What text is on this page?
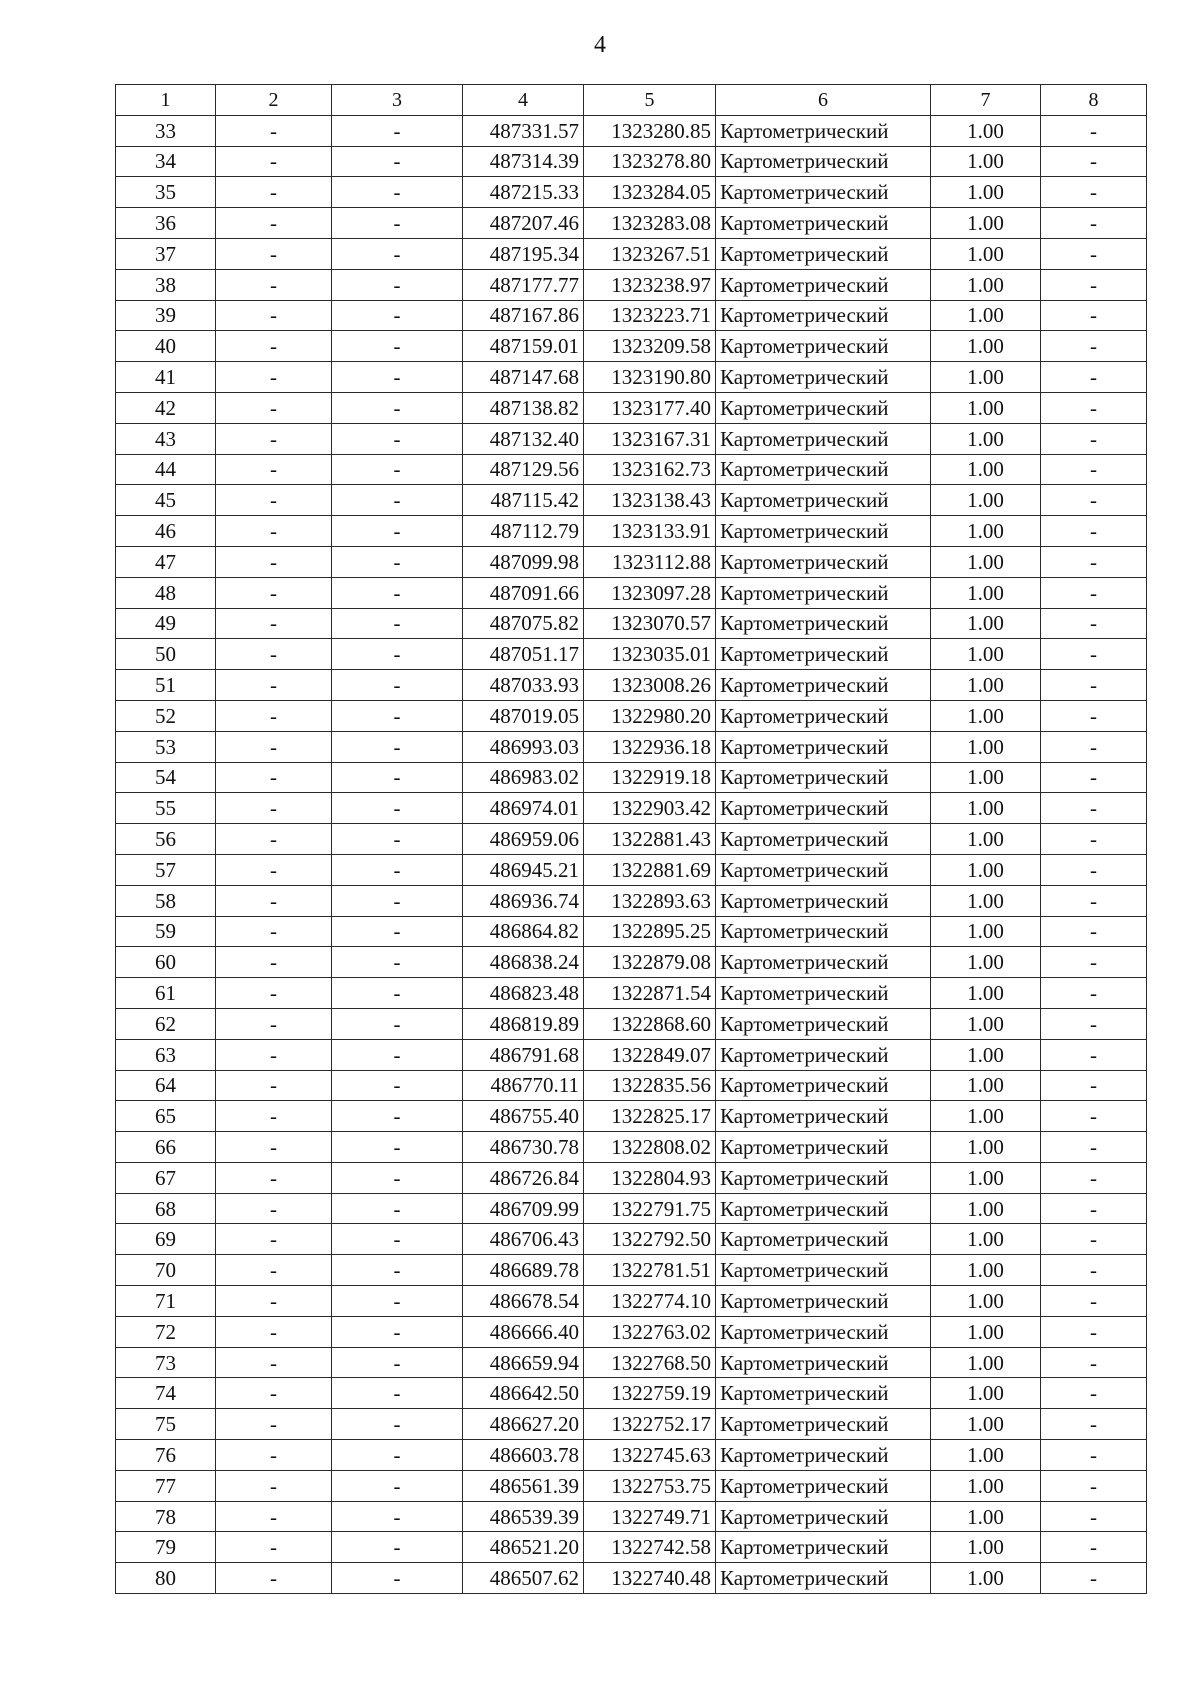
4
1	2	3	4	5	6	7	8
33	-	-	487331.57	1323280.85	Картометрический	1.00	-
34	-	-	487314.39	1323278.80	Картометрический	1.00	-
35	-	-	487215.33	1323284.05	Картометрический	1.00	-
36	-	-	487207.46	1323283.08	Картометрический	1.00	-
37	-	-	487195.34	1323267.51	Картометрический	1.00	-
38	-	-	487177.77	1323238.97	Картометрический	1.00	-
39	-	-	487167.86	1323223.71	Картометрический	1.00	-
40	-	-	487159.01	1323209.58	Картометрический	1.00	-
41	-	-	487147.68	1323190.80	Картометрический	1.00	-
42	-	-	487138.82	1323177.40	Картометрический	1.00	-
43	-	-	487132.40	1323167.31	Картометрический	1.00	-
44	-	-	487129.56	1323162.73	Картометрический	1.00	-
45	-	-	487115.42	1323138.43	Картометрический	1.00	-
46	-	-	487112.79	1323133.91	Картометрический	1.00	-
47	-	-	487099.98	1323112.88	Картометрический	1.00	-
48	-	-	487091.66	1323097.28	Картометрический	1.00	-
49	-	-	487075.82	1323070.57	Картометрический	1.00	-
50	-	-	487051.17	1323035.01	Картометрический	1.00	-
51	-	-	487033.93	1323008.26	Картометрический	1.00	-
52	-	-	487019.05	1322980.20	Картометрический	1.00	-
53	-	-	486993.03	1322936.18	Картометрический	1.00	-
54	-	-	486983.02	1322919.18	Картометрический	1.00	-
55	-	-	486974.01	1322903.42	Картометрический	1.00	-
56	-	-	486959.06	1322881.43	Картометрический	1.00	-
57	-	-	486945.21	1322881.69	Картометрический	1.00	-
58	-	-	486936.74	1322893.63	Картометрический	1.00	-
59	-	-	486864.82	1322895.25	Картометрический	1.00	-
60	-	-	486838.24	1322879.08	Картометрический	1.00	-
61	-	-	486823.48	1322871.54	Картометрический	1.00	-
62	-	-	486819.89	1322868.60	Картометрический	1.00	-
63	-	-	486791.68	1322849.07	Картометрический	1.00	-
64	-	-	486770.11	1322835.56	Картометрический	1.00	-
65	-	-	486755.40	1322825.17	Картометрический	1.00	-
66	-	-	486730.78	1322808.02	Картометрический	1.00	-
67	-	-	486726.84	1322804.93	Картометрический	1.00	-
68	-	-	486709.99	1322791.75	Картометрический	1.00	-
69	-	-	486706.43	1322792.50	Картометрический	1.00	-
70	-	-	486689.78	1322781.51	Картометрический	1.00	-
71	-	-	486678.54	1322774.10	Картометрический	1.00	-
72	-	-	486666.40	1322763.02	Картометрический	1.00	-
73	-	-	486659.94	1322768.50	Картометрический	1.00	-
74	-	-	486642.50	1322759.19	Картометрический	1.00	-
75	-	-	486627.20	1322752.17	Картометрический	1.00	-
76	-	-	486603.78	1322745.63	Картометрический	1.00	-
77	-	-	486561.39	1322753.75	Картометрический	1.00	-
78	-	-	486539.39	1322749.71	Картометрический	1.00	-
79	-	-	486521.20	1322742.58	Картометрический	1.00	-
80	-	-	486507.62	1322740.48	Картометрический	1.00	-
